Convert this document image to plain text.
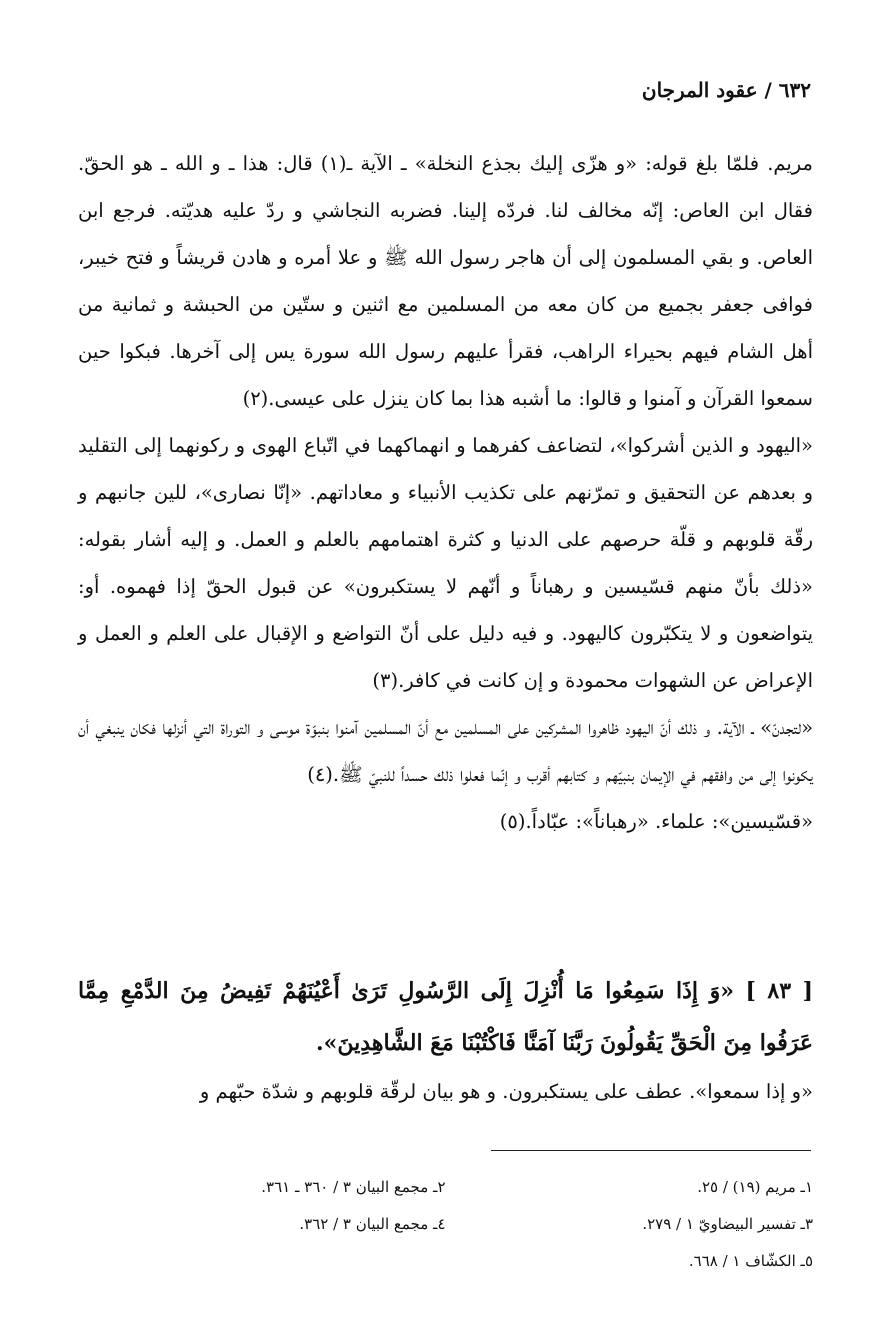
٦٣٢ / عقود المرجان

مريم. فلمّا بلغ قوله: «و هزّی إليك بجذع النخلة» ـ الآية ـ(١) قال: هذا ـ و الله ـ هو الحقّ. فقال ابن العاص: إنّه مخالف لنا. فردّه إلينا. فضربه النجاشي و ردّ عليه هديّته. فرجع ابن العاص. و بقي المسلمون إلى أن هاجر رسول الله ﷺ و علا أمره و هادن قريشاً و فتح خيبر، فوافى جعفر بجميع من كان معه من المسلمين مع اثنين و ستّين من الحبشة و ثمانية من أهل الشام فيهم بحيراء الراهب، فقرأ عليهم رسول الله سورة يس إلى آخرها. فبكوا حين سمعوا القرآن و آمنوا و قالوا: ما أشبه هذا بما كان ينزل على عيسى.(٢)

«اليهود و الذين أشركوا»، لتضاعف كفرهما و انهماكهما في اتّباع الهوى و ركونهما إلى التقليد و بعدهم عن التحقيق و تمرّنهم على تكذيب الأنبياء و معاداتهم. «إنّا نصارى»، للين جانبهم و رقّة قلوبهم و قلّة حرصهم على الدنيا و كثرة اهتمامهم بالعلم و العمل. و إليه أشار بقوله: «ذلك بأنّ منهم قسّيسين و رهباناً و أنّهم لا يستكبرون» عن قبول الحقّ إذا فهموه. أو: يتواضعون و لا يتكبّرون كاليهود. و فيه دليل على أنّ التواضع و الإقبال على العلم و العمل و الإعراض عن الشهوات محمودة و إن كانت في كافر.(٣)

«لتجدنّ» ـ الآية. و ذلك أنّ اليهود ظاهروا المشركين على المسلمين مع أنّ المسلمين آمنوا بنبوّة موسى و التوراة التي أنزلها فكان ينبغي أن يكونوا إلى من وافقهم في الإيمان بنبيّهم و كتابهم أقرب و إنّما فعلوا ذلك حسداً للنبيّ ﷺ.(٤)

«قسّيسين»: علماء. «رهباناً»: عبّاداً.(٥)

[ ٨٣ ] «وَ إِذَا سَمِعُوا مَا أُنْزِلَ إِلَى الرَّسُولِ تَرَىٰ أَعْيُنَهُمْ تَفِيضُ مِنَ الدَّمْعِ مِمَّا عَرَفُوا مِنَ الْحَقِّ يَقُولُونَ رَبَّنَا آمَنَّا فَاكْتُبْنَا مَعَ الشَّاهِدِينَ».
«و إذا سمعوا». عطف على يستكبرون. و هو بيان لرقّة قلوبهم و شدّة حبّهم و
١ـ مريم (١٩) / ٢٥.
٢ـ مجمع البيان ٣ / ٣٦٠ ـ ٣٦١.
٣ـ تفسير البيضاويّ ١ / ٢٧٩.
٤ـ مجمع البيان ٣ / ٣٦٢.
٥ـ الكشّاف ١ / ٦٦٨.
